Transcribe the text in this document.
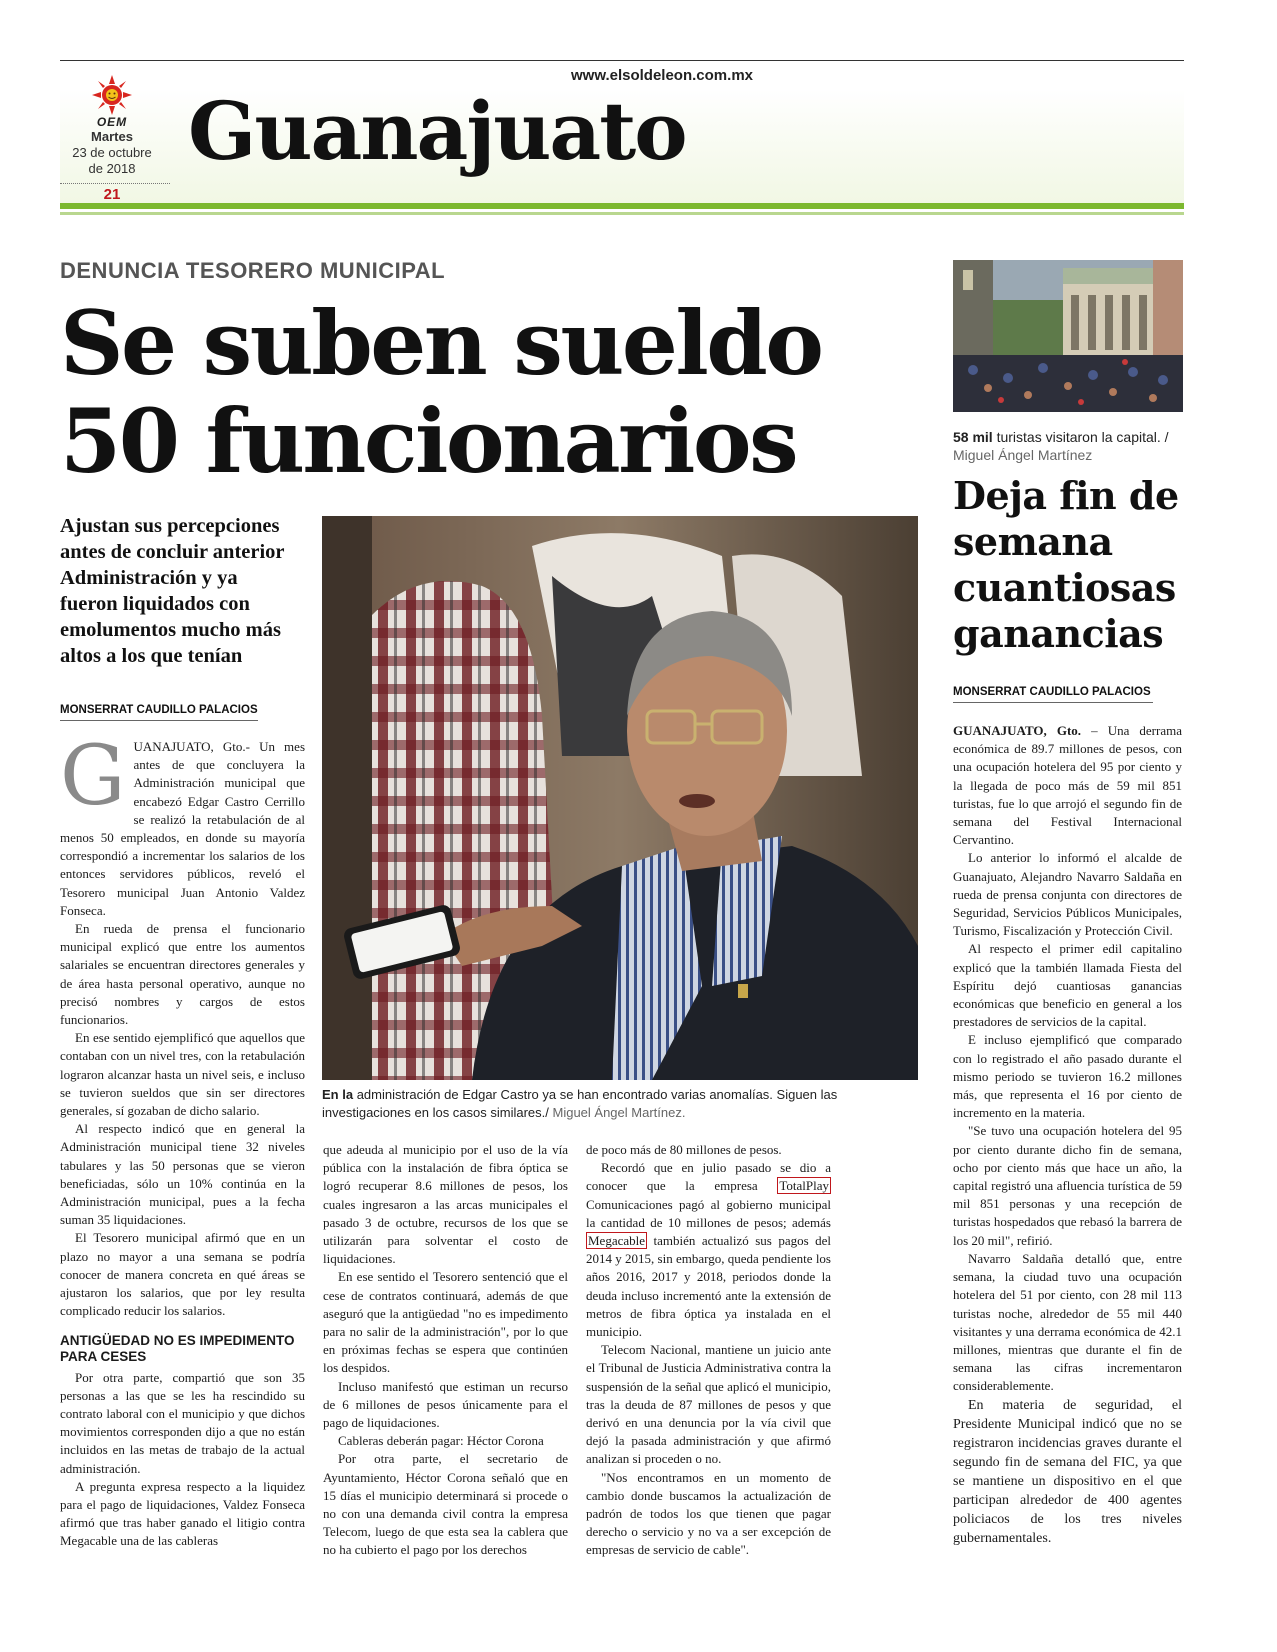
www.elsoldeleon.com.mx
OEM
Martes
23 de octubre
de 2018
21
Guanajuato
DENUNCIA TESORERO MUNICIPAL
Se suben sueldo
50 funcionarios
Ajustan sus percepciones antes de concluir anterior Administración y ya fueron liquidados con emolumentos mucho más altos a los que tenían
MONSERRAT CAUDILLO PALACIOS

GUANAJUATO, Gto.- Un mes antes de que concluyera la Administración municipal que encabezó Edgar Castro Cerrillo se realizó la retabulación de al menos 50 empleados, en donde su mayoría correspondió a incrementar los salarios de los entonces servidores públicos, reveló el Tesorero municipal Juan Antonio Valdez Fonseca.

En rueda de prensa el funcionario municipal explicó que entre los aumentos salariales se encuentran directores generales y de área hasta personal operativo, aunque no precisó nombres y cargos de estos funcionarios.

En ese sentido ejemplificó que aquellos que contaban con un nivel tres, con la retabulación lograron alcanzar hasta un nivel seis, e incluso se tuvieron sueldos que sin ser directores generales, sí gozaban de dicho salario.

Al respecto indicó que en general la Administración municipal tiene 32 niveles tabulares y las 50 personas que se vieron beneficiadas, sólo un 10% continúa en la Administración municipal, pues a la fecha suman 35 liquidaciones.

El Tesorero municipal afirmó que en un plazo no mayor a una semana se podría conocer de manera concreta en qué áreas se ajustaron los salarios, que por ley resulta complicado reducir los salarios.

ANTIGÜEDAD NO ES IMPEDIMENTO PARA CESES

Por otra parte, compartió que son 35 personas a las que se les ha rescindido su contrato laboral con el municipio y que dichos movimientos corresponden dijo a que no están incluidos en las metas de trabajo de la actual administración.

A pregunta expresa respecto a la liquidez para el pago de liquidaciones, Valdez Fonseca afirmó que tras haber ganado el litigio contra Megacable una de las cableras

En la administración de Edgar Castro ya se han encontrado varias anomalías. Siguen las investigaciones en los casos similares./ Miguel Ángel Martínez.

que adeuda al municipio por el uso de la vía pública con la instalación de fibra óptica se logró recuperar 8.6 millones de pesos, los cuales ingresaron a las arcas municipales el pasado 3 de octubre, recursos de los que se utilizarán para solventar el costo de liquidaciones.

En ese sentido el Tesorero sentenció que el cese de contratos continuará, además de que aseguró que la antigüedad "no es impedimento para no salir de la administración", por lo que en próximas fechas se espera que continúen los despidos.

Incluso manifestó que estiman un recurso de 6 millones de pesos únicamente para el pago de liquidaciones.

Cableras deberán pagar: Héctor Corona

Por otra parte, el secretario de Ayuntamiento, Héctor Corona señaló que en 15 días el municipio determinará si procede o no con una demanda civil contra la empresa Telecom, luego de que esta sea la cablera que no ha cubierto el pago por los derechos

de poco más de 80 millones de pesos.

Recordó que en julio pasado se dio a conocer que la empresa TotalPlay Comunicaciones pagó al gobierno municipal la cantidad de 10 millones de pesos; además Megacable también actualizó sus pagos del 2014 y 2015, sin embargo, queda pendiente los años 2016, 2017 y 2018, periodos donde la deuda incluso incrementó ante la extensión de metros de fibra óptica ya instalada en el municipio.

Telecom Nacional, mantiene un juicio ante el Tribunal de Justicia Administrativa contra la suspensión de la señal que aplicó el municipio, tras la deuda de 87 millones de pesos y que derivó en una denuncia por la vía civil que dejó la pasada administración y que afirmó analizan si proceden o no.

"Nos encontramos en un momento de cambio donde buscamos la actualización de padrón de todos los que tienen que pagar derecho o servicio y no va a ser excepción de empresas de servicio de cable".

58 mil turistas visitaron la capital. / Miguel Ángel Martínez
Deja fin de semana cuantiosas ganancias
MONSERRAT CAUDILLO PALACIOS

GUANAJUATO, Gto. – Una derrama económica de 89.7 millones de pesos, con una ocupación hotelera del 95 por ciento y la llegada de poco más de 59 mil 851 turistas, fue lo que arrojó el segundo fin de semana del Festival Internacional Cervantino.

Lo anterior lo informó el alcalde de Guanajuato, Alejandro Navarro Saldaña en rueda de prensa conjunta con directores de Seguridad, Servicios Públicos Municipales, Turismo, Fiscalización y Protección Civil.

Al respecto el primer edil capitalino explicó que la también llamada Fiesta del Espíritu dejó cuantiosas ganancias económicas que beneficio en general a los prestadores de servicios de la capital.

E incluso ejemplificó que comparado con lo registrado el año pasado durante el mismo periodo se tuvieron 16.2 millones más, que representa el 16 por ciento de incremento en la materia.

"Se tuvo una ocupación hotelera del 95 por ciento durante dicho fin de semana, ocho por ciento más que hace un año, la capital registró una afluencia turística de 59 mil 851 personas y una recepción de turistas hospedados que rebasó la barrera de los 20 mil", refirió.

Navarro Saldaña detalló que, entre semana, la ciudad tuvo una ocupación hotelera del 51 por ciento, con 28 mil 113 turistas noche, alrededor de 55 mil 440 visitantes y una derrama económica de 42.1 millones, mientras que durante el fin de semana las cifras incrementaron considerablemente.

En materia de seguridad, el Presidente Municipal indicó que no se registraron incidencias graves durante el segundo fin de semana del FIC, ya que se mantiene un dispositivo en el que participan alrededor de 400 agentes policiacos de los tres niveles gubernamentales.
